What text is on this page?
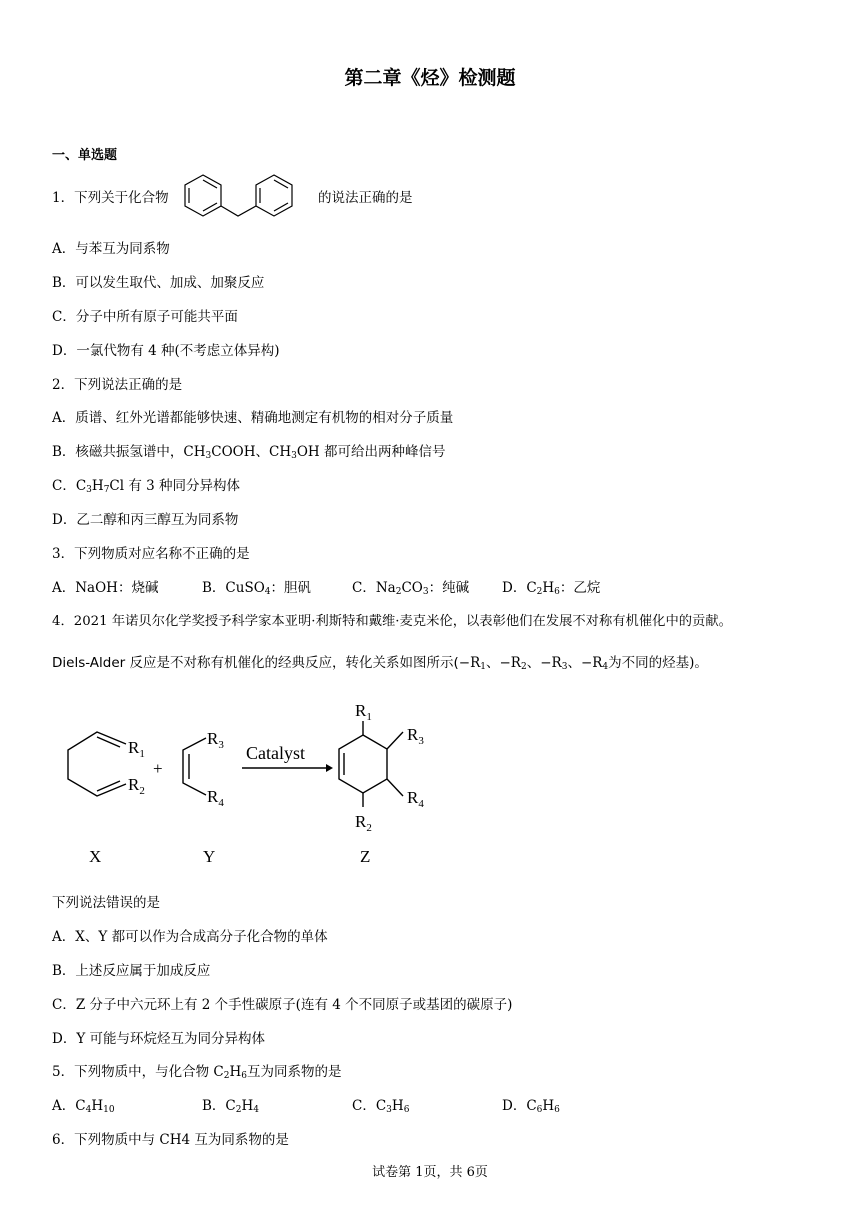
第二章《烃》检测题
一、单选题
1．下列关于化合物	的说法正确的是
A．与苯互为同系物
B．可以发生取代、加成、加聚反应
C．分子中所有原子可能共平面
D．一氯代物有 4 种(不考虑立体异构)
2．下列说法正确的是
A．质谱、红外光谱都能够快速、精确地测定有机物的相对分子质量
B．核磁共振氢谱中，$CH_3COOH$、$CH_3OH$ 都可给出两种峰信号
C．$C_3H_7Cl$ 有 3 种同分异构体
D．乙二醇和丙三醇互为同系物
3．下列物质对应名称不正确的是
A．NaOH：烧碱	B．CuSO$_4$：胆矾	C．$Na_2CO_3$：纯碱 D．$C_2H_6$：乙烷
4．2021 年诺贝尔化学奖授予科学家本亚明·利斯特和戴维·麦克米伦，以表彰他们在发展不对称有机催化中的贡献。
Diels-Alder 反应是不对称有机催化的经典反应，转化关系如图所示($-R_1$、$-R_2$、$-R_3$、$-R_4$为不同的烃基)。
$R_1$
$R_2$
+
$R_3$
$R_4$
Catalyst
$R_1$
$R_3$
$R_4$
$R_2$
X	Y	Z
下列说法错误的是
A．X、Y 都可以作为合成高分子化合物的单体
B．上述反应属于加成反应
C．Z 分子中六元环上有 2 个手性碳原子(连有 4 个不同原子或基团的碳原子)
D．Y 可能与环烷烃互为同分异构体
5．下列物质中，与化合物 $C_2H_6$互为同系物的是
A．$C_4H_{10}$	B．$C_2H_4$	C．$C_3H_6$	D．$C_6H_6$
6．下列物质中与 CH4 互为同系物的是
试卷第 1页，共 6页
